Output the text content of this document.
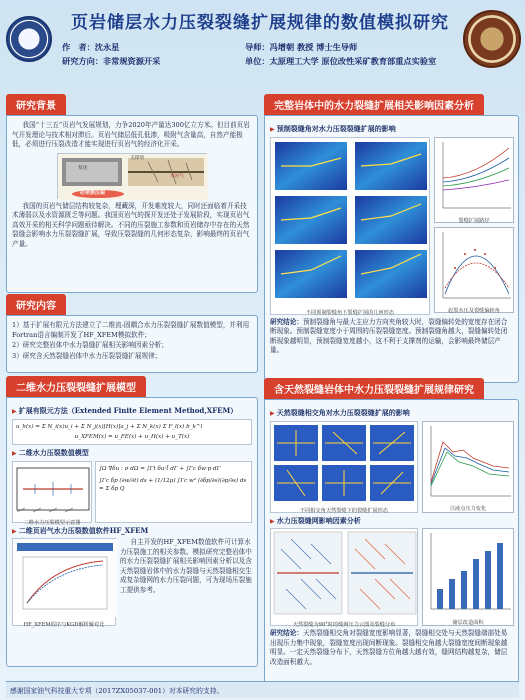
页岩储层水力压裂裂缝扩展规律的数值模拟研究
作　者：沈永星	导师：冯增朝 教授 博士生导师
研究方向：非常规资源开采	单位：太原理工大学 原位改性采矿教育部重点实验室
研究背景
我国“十三五”页岩气发展规划，力争2020年产量达300亿立方米。但目前页岩气开发理论与技术相对滞后。页岩气储层低孔低渗，吸附气含量高，自然产能极低，必须进行压裂改造才能实现进行页岩气的经济化开采。
支撑剂
页岩气
泵送
必须要压裂
我国的页岩气储层结构较复杂，埋藏深，开发难度较大，同时还面临着开采技术薄弱以及水资源匮乏等问题。我国页岩气的探开发还处于发展阶段，实现页岩气高效开采的相关科学问题亟待解决。不同的压裂施工参数和页岩储存中存在的天然裂缝会影响水力压裂裂缝扩展，导致压裂裂缝的几何形态复杂，影响最终的页岩气产量。
研究内容
1）基于扩展有限元方法建立了二维流-固耦合水力压裂裂缝扩展数值模型，并利用Fortran语言编制开发了HF_XFEM模拟软件；
2）研究完整岩体中水力裂缝扩展相关影响因素分析；
3）研究含天然裂缝岩体中水力压裂裂缝扩展规律；
二维水力压裂裂缝扩展模型
▶ 扩展有限元方法（Extended Finite Element Method,XFEM）
u_h(x) = Σ N_i(x)u_i + Σ N_j(x)[H(x)]a_j + Σ N_k(x) Σ F_l(x) b_k^l
u_XFEM(x) = u_FE(x) + u_H(x) + u_T(x)
▶ 二维水力压裂数值模型
二维水力压裂模型示意图
∫Ω ∇δu : σ dΩ = ∫Γt δu·t̄ dΓ + ∫Γc δw·p dΓ
∫Γc δp (∂w/∂t) ds + (1/12μ) ∫Γc w³ (∂δp/∂s)(∂p/∂s) ds = Σ δp Q
▶ 二维页岩气水力压裂数值软件HF_XFEM
HF_XFEM程序与KGD解析解对比
自主开发的HF_XFEM数值软件可计算水力压裂施工的相关参数。模拟研究完整岩体中的水力压裂裂缝扩展相关影响因素分析以及含天然裂缝岩体中的水力裂缝与天然裂缝相交生成复杂缝网的水力压裂问题，可为现场压裂施工提供参考。
完整岩体中的水力裂缝扩展相关影响因素分析
▶ 预制裂缝角对水力压裂裂缝扩展的影响
不同预制裂缝角下裂缝扩展的几何形态
裂缝扩展路径
起裂水压及裂缝偏转角
研究结论：预制裂缝角与最大主应力方向夹角较大时，裂缝偏转处的宽度存在闭合断现象。预制裂缝宽度小于周围的压裂裂缝宽度。预制裂缝角越大，裂缝偏转处闭断现象越明显，预制裂缝宽度越小，这不利于支撑剂的运输，会影响最终储层产量。
含天然裂缝岩体中水力压裂裂缝扩展规律研究
▶ 天然裂缝相交角对水力压裂裂缝扩展的影响
不同相交角天然裂缝下的裂缝扩展形态	注液点压力变化
▶ 水力压裂缝网影响因素分析
天然裂缝为90°时的缝网压力云图及裂缝分布	储层改造面积
研究结论：天然裂缝相交角对裂缝宽度影响显著，裂缝相交处与天然裂缝端部处易出现压力集中现象，裂缝宽度出现间断现象。裂缝相交角越大裂缝宽度间断现象越明显。一定天然裂缝分布下，天然裂缝方位角越大越有效，缝网结构越复杂，储层改造面积越大。
感谢国家油气科技重大专项（2017ZX05037-001）对本研究的支持。
